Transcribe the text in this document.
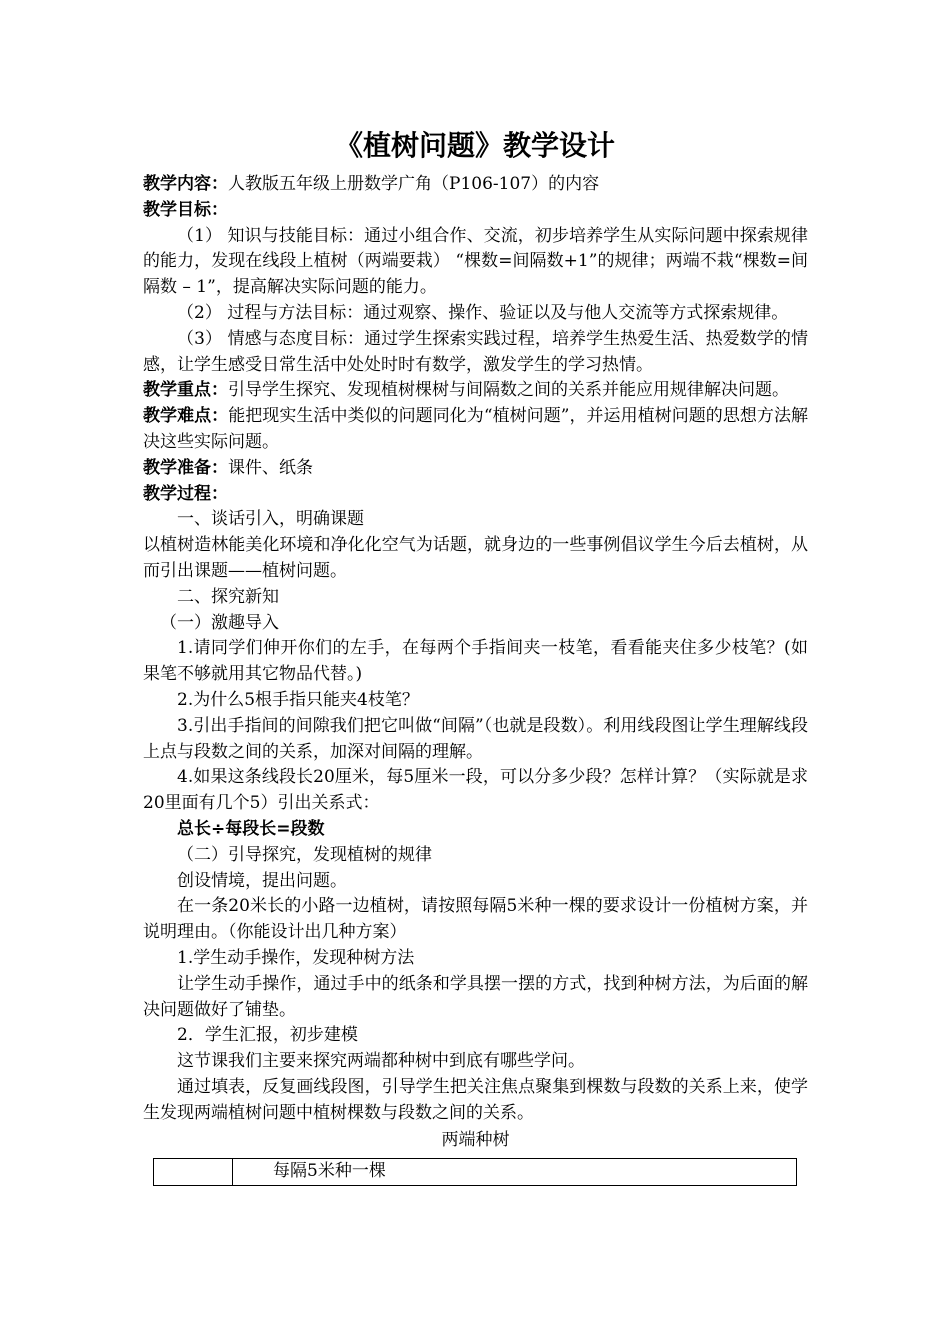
《植树问题》教学设计

教学内容：人教版五年级上册数学广角（P106-107）的内容

教学目标：

（1） 知识与技能目标：通过小组合作、交流，初步培养学生从实际问题中探索规律的能力，发现在线段上植树（两端要栽） “棵数=间隔数+1”的规律；两端不栽“棵数=间隔数 – 1”，提高解决实际问题的能力。

（2） 过程与方法目标：通过观察、操作、验证以及与他人交流等方式探索规律。

（3） 情感与态度目标：通过学生探索实践过程，培养学生热爱生活、热爱数学的情感，让学生感受日常生活中处处时时有数学，激发学生的学习热情。

教学重点：引导学生探究、发现植树棵树与间隔数之间的关系并能应用规律解决问题。

教学难点：能把现实生活中类似的问题同化为“植树问题”，并运用植树问题的思想方法解决这些实际问题。

教学准备：课件、纸条

教学过程：

一、谈话引入，明确课题

以植树造林能美化环境和净化化空气为话题，就身边的一些事例倡议学生今后去植树，从而引出课题——植树问题。

二、探究新知

（一）激趣导入

1.请同学们伸开你们的左手，在每两个手指间夹一枝笔，看看能夹住多少枝笔？(如果笔不够就用其它物品代替。)

2.为什么5根手指只能夹4枝笔？

3.引出手指间的间隙我们把它叫做“间隔”（也就是段数）。利用线段图让学生理解线段上点与段数之间的关系，加深对间隔的理解。

4.如果这条线段长20厘米，每5厘米一段，可以分多少段？怎样计算？（实际就是求20里面有几个5）引出关系式：

总长÷每段长=段数

（二）引导探究，发现植树的规律

创设情境，提出问题。

在一条20米长的小路一边植树，请按照每隔5米种一棵的要求设计一份植树方案，并说明理由。（你能设计出几种方案）

1.学生动手操作，发现种树方法

让学生动手操作，通过手中的纸条和学具摆一摆的方式，找到种树方法，为后面的解决问题做好了铺垫。

2．学生汇报，初步建模

这节课我们主要来探究两端都种树中到底有哪些学问。

通过填表，反复画线段图，引导学生把关注焦点聚集到棵数与段数的关系上来，使学生发现两端植树问题中植树棵数与段数之间的关系。

两端种树

	每隔5米种一棵
